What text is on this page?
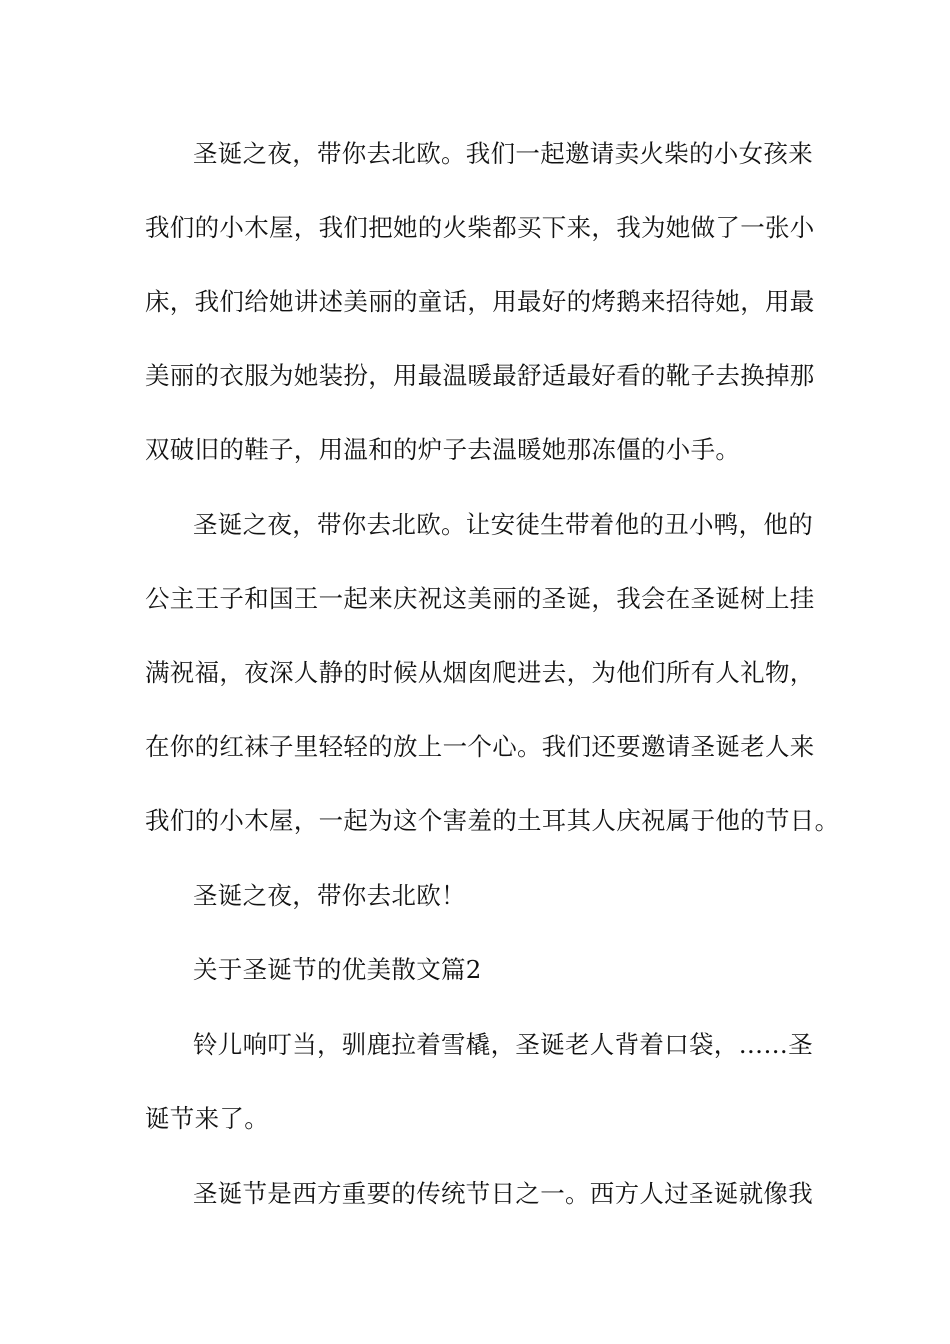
圣诞之夜，带你去北欧。我们一起邀请卖火柴的小女孩来
我们的小木屋，我们把她的火柴都买下来，我为她做了一张小
床，我们给她讲述美丽的童话，用最好的烤鹅来招待她，用最
美丽的衣服为她装扮，用最温暖最舒适最好看的靴子去换掉那
双破旧的鞋子，用温和的炉子去温暖她那冻僵的小手。
圣诞之夜，带你去北欧。让安徒生带着他的丑小鸭，他的
公主王子和国王一起来庆祝这美丽的圣诞，我会在圣诞树上挂
满祝福，夜深人静的时候从烟囱爬进去，为他们所有人礼物，
在你的红袜子里轻轻的放上一个心。我们还要邀请圣诞老人来
我们的小木屋，一起为这个害羞的土耳其人庆祝属于他的节日。
圣诞之夜，带你去北欧！
关于圣诞节的优美散文篇2
铃儿响叮当，驯鹿拉着雪橇，圣诞老人背着口袋，……圣
诞节来了。
圣诞节是西方重要的传统节日之一。西方人过圣诞就像我
